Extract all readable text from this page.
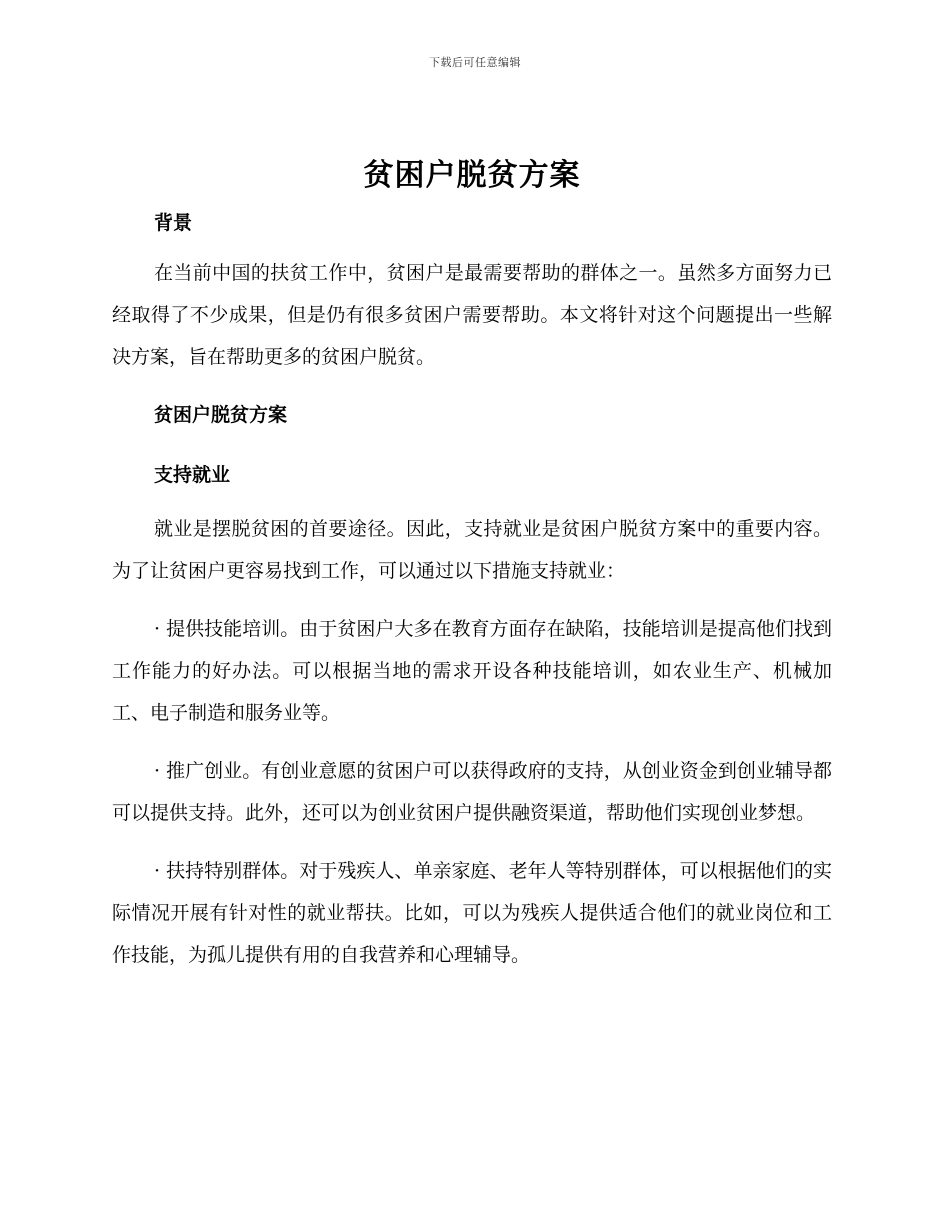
下载后可任意编辑
贫困户脱贫方案
背景

在当前中国的扶贫工作中，贫困户是最需要帮助的群体之一。虽然多方面努力已经取得了不少成果，但是仍有很多贫困户需要帮助。本文将针对这个问题提出一些解决方案，旨在帮助更多的贫困户脱贫。

贫困户脱贫方案
支持就业

就业是摆脱贫困的首要途径。因此，支持就业是贫困户脱贫方案中的重要内容。为了让贫困户更容易找到工作，可以通过以下措施支持就业：

· 提供技能培训。由于贫困户大多在教育方面存在缺陷，技能培训是提高他们找到工作能力的好办法。可以根据当地的需求开设各种技能培训，如农业生产、机械加工、电子制造和服务业等。

· 推广创业。有创业意愿的贫困户可以获得政府的支持，从创业资金到创业辅导都可以提供支持。此外，还可以为创业贫困户提供融资渠道，帮助他们实现创业梦想。

· 扶持特别群体。对于残疾人、单亲家庭、老年人等特别群体，可以根据他们的实际情况开展有针对性的就业帮扶。比如，可以为残疾人提供适合他们的就业岗位和工作技能，为孤儿提供有用的自我营养和心理辅导。
